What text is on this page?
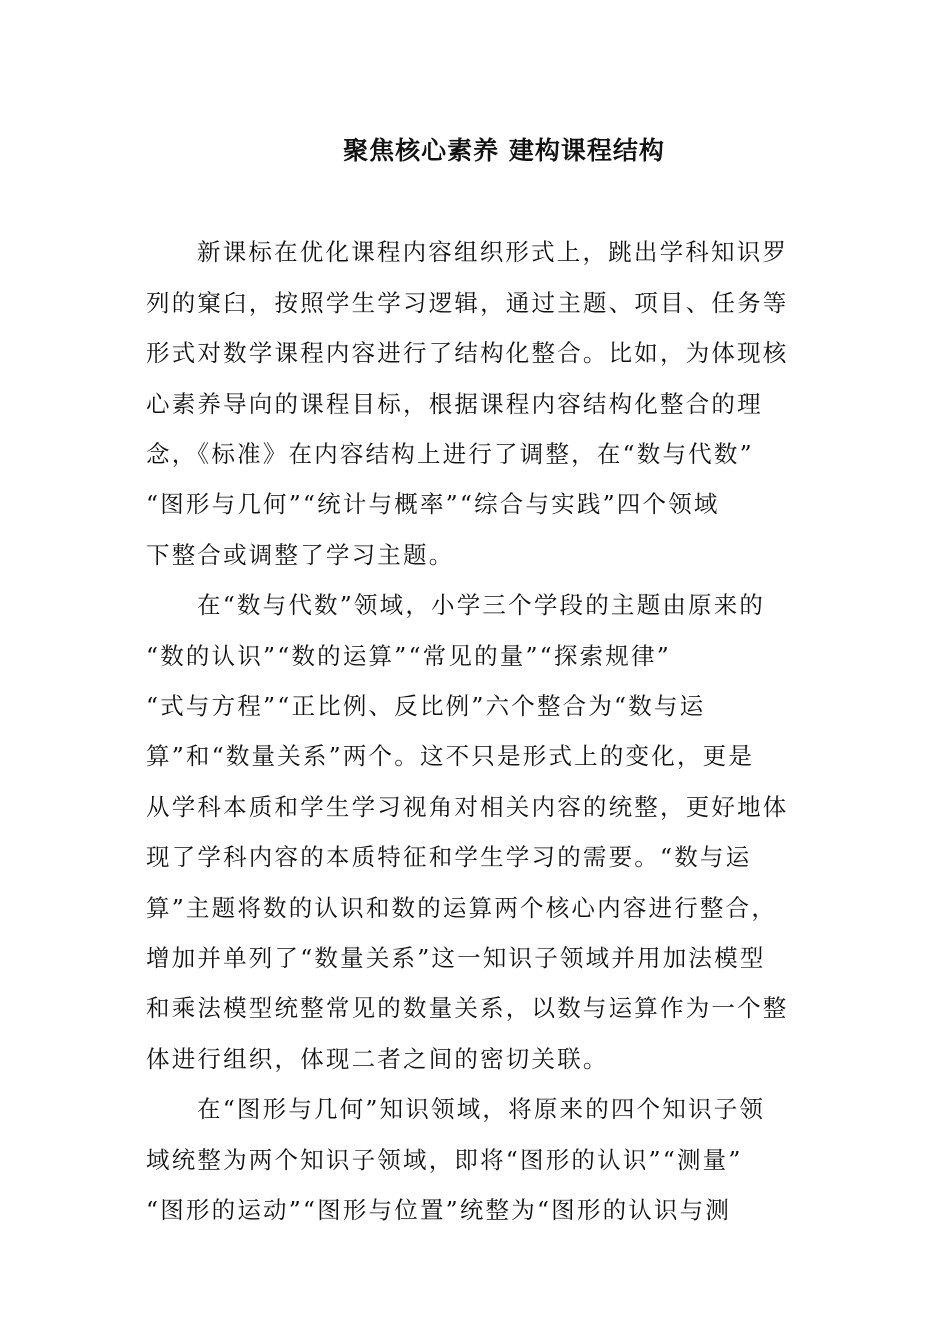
聚焦核心素养 建构课程结构
新课标在优化课程内容组织形式上，跳出学科知识罗
列的窠臼，按照学生学习逻辑，通过主题、项目、任务等
形式对数学课程内容进行了结构化整合。比如，为体现核
心素养导向的课程目标，根据课程内容结构化整合的理
念，《标准》在内容结构上进行了调整，在“数与代数”
“图形与几何”“统计与概率”“综合与实践”四个领域
下整合或调整了学习主题。
在“数与代数”领域，小学三个学段的主题由原来的
“数的认识”“数的运算”“常见的量”“探索规律”
“式与方程”“正比例、反比例”六个整合为“数与运
算”和“数量关系”两个。这不只是形式上的变化，更是
从学科本质和学生学习视角对相关内容的统整，更好地体
现了学科内容的本质特征和学生学习的需要。“数与运
算”主题将数的认识和数的运算两个核心内容进行整合，
增加并单列了“数量关系”这一知识子领域并用加法模型
和乘法模型统整常见的数量关系，以数与运算作为一个整
体进行组织，体现二者之间的密切关联。
在“图形与几何”知识领域，将原来的四个知识子领
域统整为两个知识子领域，即将“图形的认识”“测量”
“图形的运动”“图形与位置”统整为“图形的认识与测
